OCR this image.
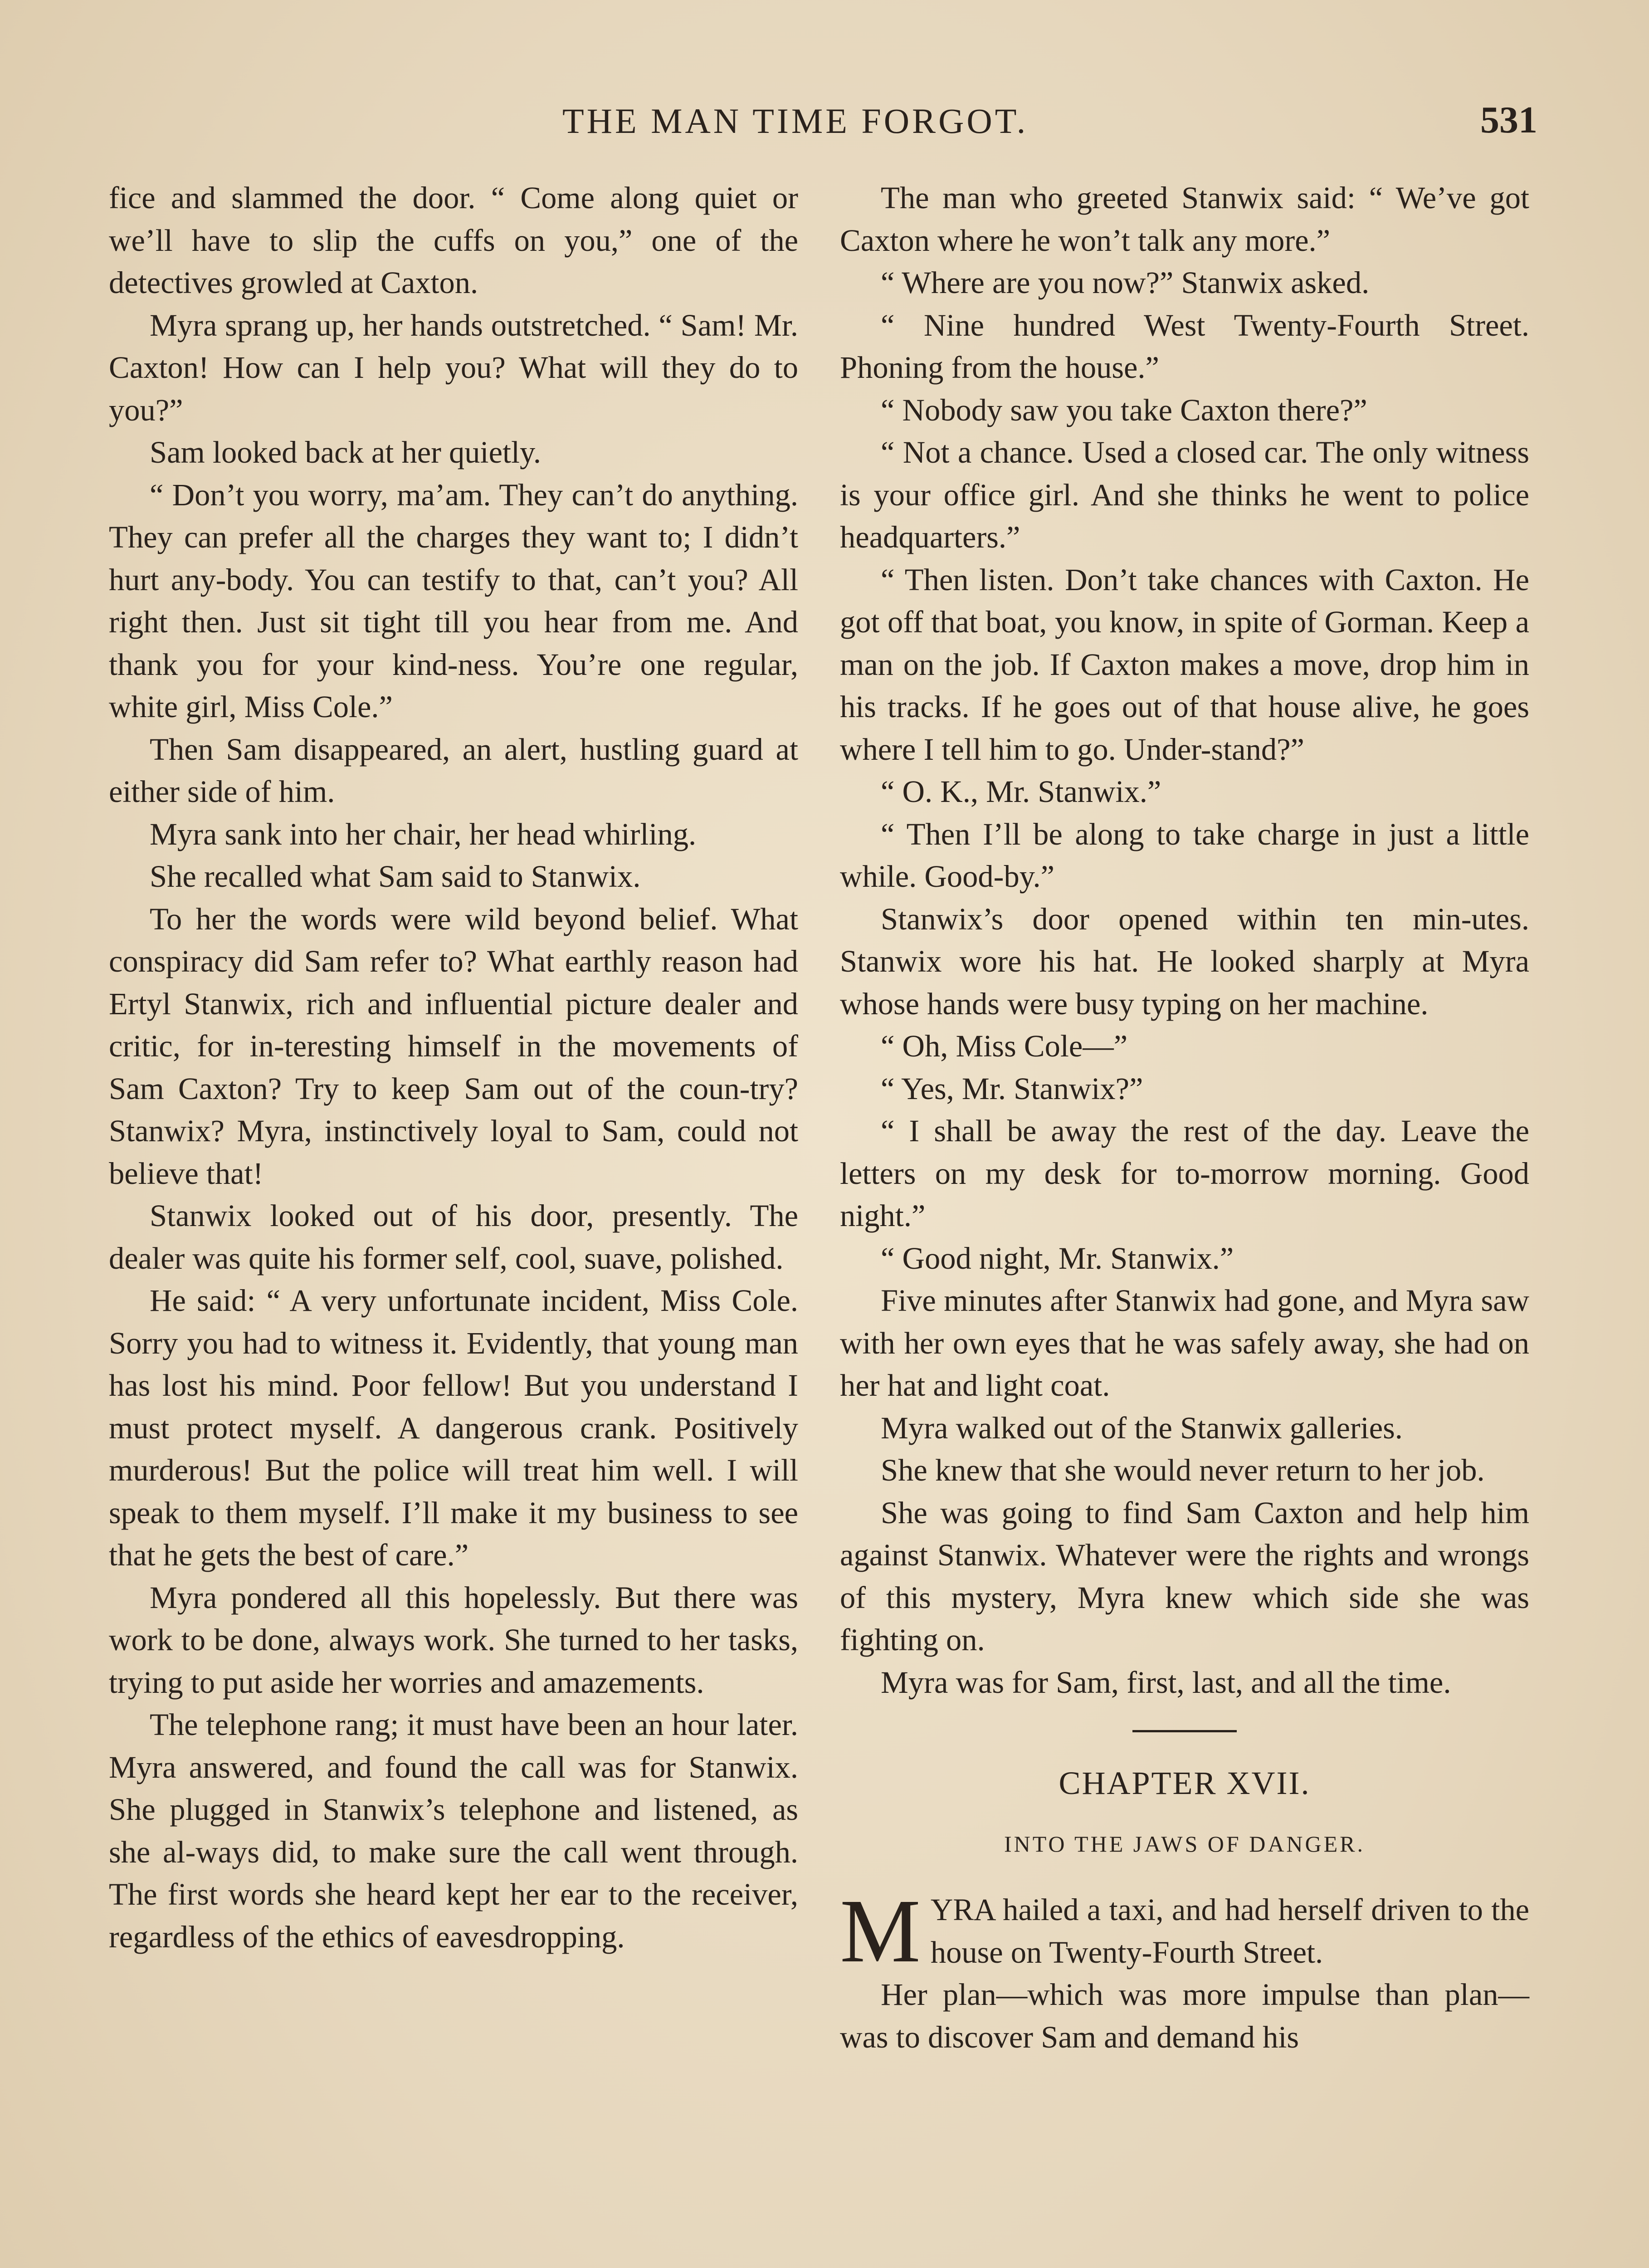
THE MAN TIME FORGOT.	531

fice and slammed the door. “ Come along quiet or we’ll have to slip the cuffs on you,” one of the detectives growled at Caxton.

Myra sprang up, her hands outstretched. “ Sam! Mr. Caxton! How can I help you? What will they do to you?”

Sam looked back at her quietly.

“ Don’t you worry, ma’am. They can’t do anything. They can prefer all the charges they want to; I didn’t hurt any-body. You can testify to that, can’t you? All right then. Just sit tight till you hear from me. And thank you for your kind-ness. You’re one regular, white girl, Miss Cole.”

Then Sam disappeared, an alert, hustling guard at either side of him.

Myra sank into her chair, her head whirling.

She recalled what Sam said to Stanwix.

To her the words were wild beyond belief. What conspiracy did Sam refer to? What earthly reason had Ertyl Stanwix, rich and influential picture dealer and critic, for in-teresting himself in the movements of Sam Caxton? Try to keep Sam out of the coun-try? Stanwix? Myra, instinctively loyal to Sam, could not believe that!

Stanwix looked out of his door, presently. The dealer was quite his former self, cool, suave, polished.

He said: “ A very unfortunate incident, Miss Cole. Sorry you had to witness it. Evidently, that young man has lost his mind. Poor fellow! But you understand I must protect myself. A dangerous crank. Positively murderous! But the police will treat him well. I will speak to them myself. I’ll make it my business to see that he gets the best of care.”

Myra pondered all this hopelessly. But there was work to be done, always work. She turned to her tasks, trying to put aside her worries and amazements.

The telephone rang; it must have been an hour later. Myra answered, and found the call was for Stanwix. She plugged in Stanwix’s telephone and listened, as she al-ways did, to make sure the call went through. The first words she heard kept her ear to the receiver, regardless of the ethics of eavesdropping.

The man who greeted Stanwix said: “ We’ve got Caxton where he won’t talk any more.”

“ Where are you now?” Stanwix asked.

“ Nine hundred West Twenty-Fourth Street. Phoning from the house.”

“ Nobody saw you take Caxton there?”

“ Not a chance. Used a closed car. The only witness is your office girl. And she thinks he went to police headquarters.”

“ Then listen. Don’t take chances with Caxton. He got off that boat, you know, in spite of Gorman. Keep a man on the job. If Caxton makes a move, drop him in his tracks. If he goes out of that house alive, he goes where I tell him to go. Under-stand?”

“ O. K., Mr. Stanwix.”

“ Then I’ll be along to take charge in just a little while. Good-by.”

Stanwix’s door opened within ten min-utes. Stanwix wore his hat. He looked sharply at Myra whose hands were busy typing on her machine.

“ Oh, Miss Cole—”

“ Yes, Mr. Stanwix?”

“ I shall be away the rest of the day. Leave the letters on my desk for to-morrow morning. Good night.”

“ Good night, Mr. Stanwix.”

Five minutes after Stanwix had gone, and Myra saw with her own eyes that he was safely away, she had on her hat and light coat.

Myra walked out of the Stanwix galleries.

She knew that she would never return to her job.

She was going to find Sam Caxton and help him against Stanwix. Whatever were the rights and wrongs of this mystery, Myra knew which side she was fighting on.

Myra was for Sam, first, last, and all the time.

CHAPTER XVII.
INTO THE JAWS OF DANGER.

MYRA hailed a taxi, and had herself driven to the house on Twenty-Fourth Street.

Her plan—which was more impulse than plan—was to discover Sam and demand his
